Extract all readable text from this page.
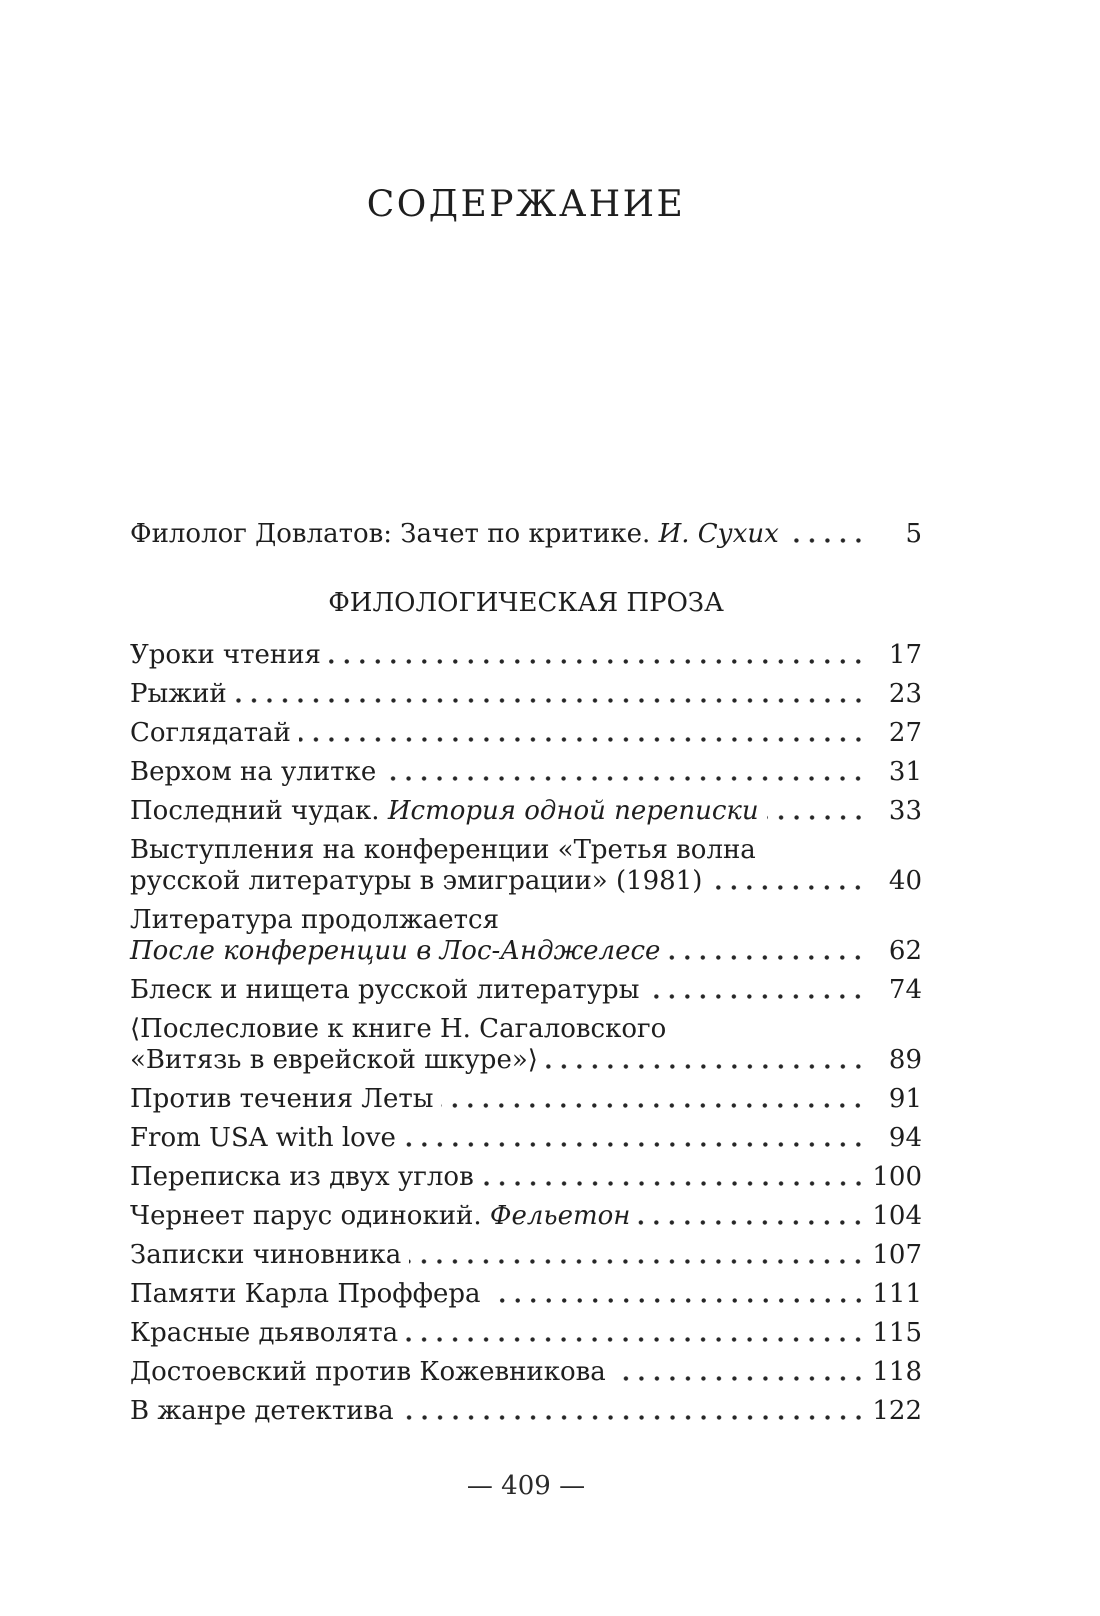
СОДЕРЖАНИЕ
Филолог Довлатов: Зачет по критике. И. Сухих	5
ФИЛОЛОГИЧЕСКАЯ ПРОЗА
Уроки чтения	17
Рыжий	23
Соглядатай	27
Верхом на улитке	31
Последний чудак. История одной переписки	33
Выступления на конференции «Третья волна
русской литературы в эмиграции» (1981)	40
Литература продолжается
После конференции в Лос-Анджелесе	62
Блеск и нищета русской литературы	74
⟨Послесловие к книге Н. Сагаловского
«Витязь в еврейской шкуре»⟩	89
Против течения Леты	91
From USA with love	94
Переписка из двух углов	100
Чернеет парус одинокий. Фельетон	104
Записки чиновника	107
Памяти Карла Проффера	111
Красные дьяволята	115
Достоевский против Кожевникова	118
В жанре детектива	122
— 409 —
